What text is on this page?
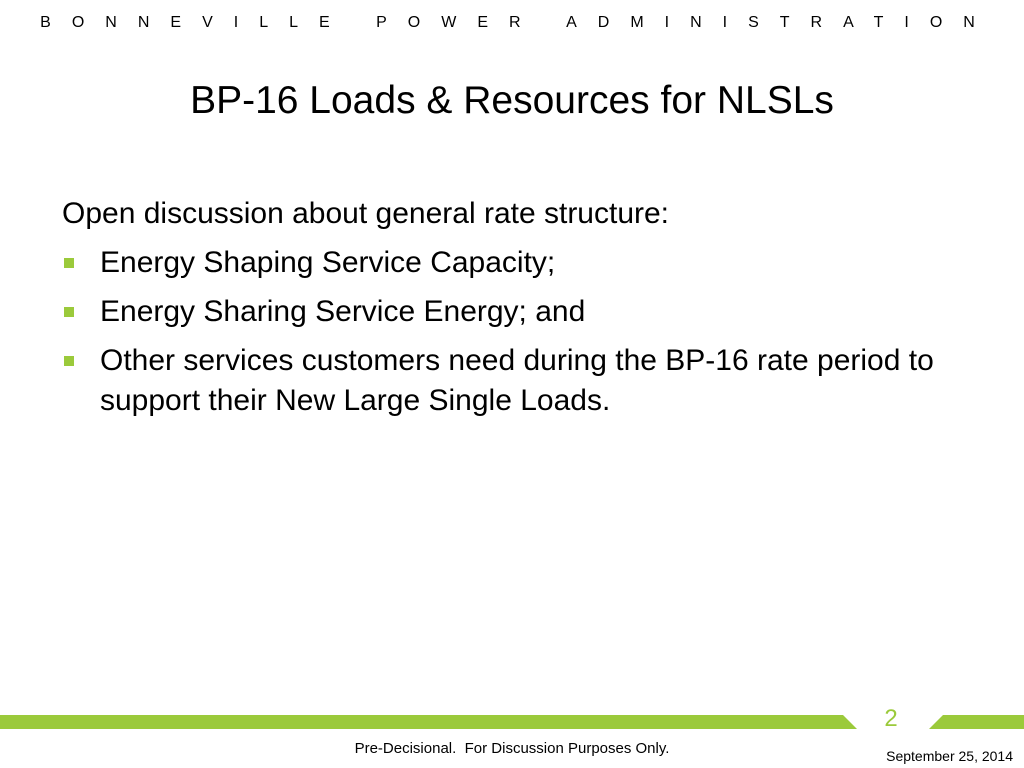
BONNEVILLE POWER ADMINISTRATION
BP-16 Loads & Resources for NLSLs

Open discussion about general rate structure:

Energy Shaping Service Capacity;
Energy Sharing Service Energy; and
Other services customers need during the BP-16 rate period to support their New Large Single Loads.
2
Pre-Decisional.  For Discussion Purposes Only.	September 25, 2014
